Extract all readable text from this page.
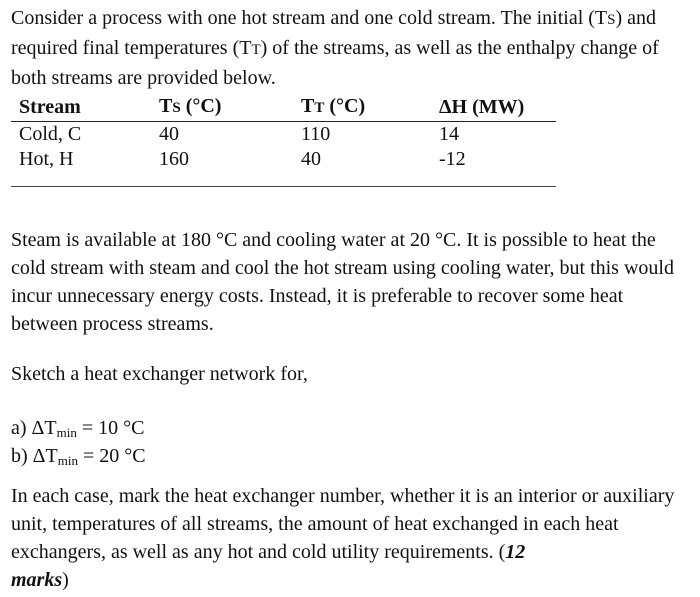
Consider a process with one hot stream and one cold stream. The initial (TS) and required final temperatures (TT) of the streams, as well as the enthalpy change of both streams are provided below.

Stream	TS (°C)	TT (°C)	ΔH (MW)
Cold, C	40	110	14
Hot, H	160	40	-12

Steam is available at 180 °C and cooling water at 20 °C. It is possible to heat the cold stream with steam and cool the hot stream using cooling water, but this would incur unnecessary energy costs. Instead, it is preferable to recover some heat between process streams.

Sketch a heat exchanger network for,

a) $\Delta T_{min} = 10$ °C
b) $\Delta T_{min} = 20$ °C

In each case, mark the heat exchanger number, whether it is an interior or auxiliary unit, temperatures of all streams, the amount of heat exchanged in each heat exchangers, as well as any hot and cold utility requirements. (12
marks)
